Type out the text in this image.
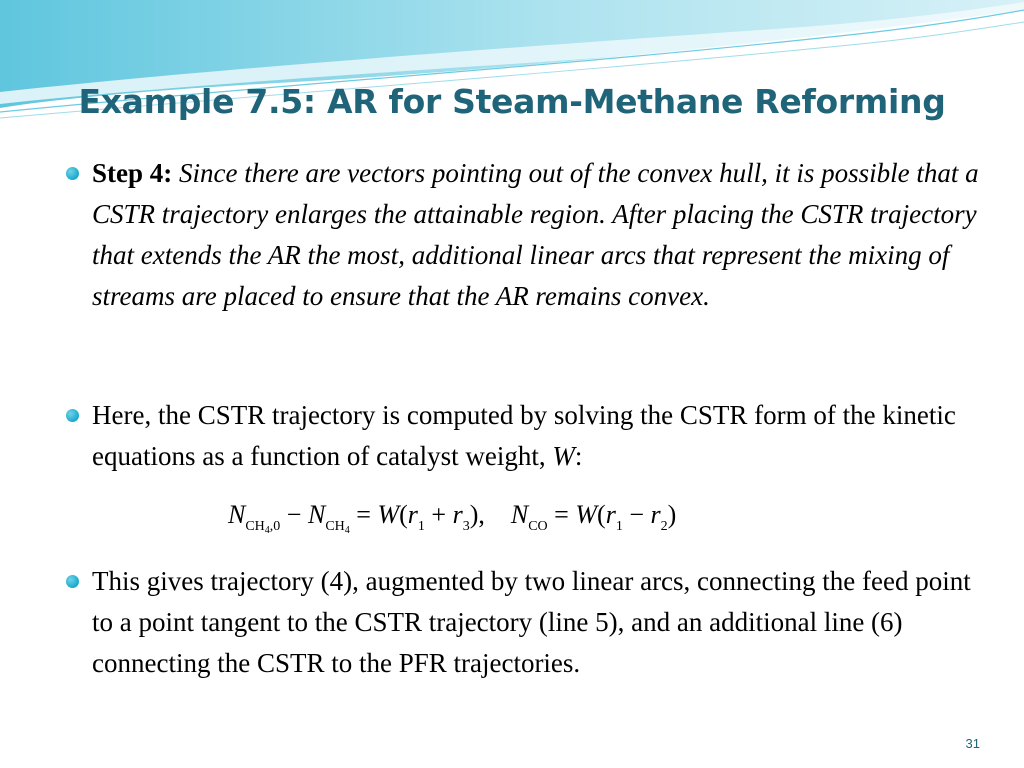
Example 7.5: AR for Steam-Methane Reforming
Step 4: Since there are vectors pointing out of the convex hull, it is possible that a CSTR trajectory enlarges the attainable region. After placing the CSTR trajectory that extends the AR the most, additional linear arcs that represent the mixing of streams are placed to ensure that the AR remains convex.
Here, the CSTR trajectory is computed by solving the CSTR form of the kinetic equations as a function of catalyst weight, W:
$N_{CH_4,0} - N_{CH_4} = W(r_1 + r_3)$, $N_{CO} = W(r_1 - r_2)$
This gives trajectory (4), augmented by two linear arcs, connecting the feed point to a point tangent to the CSTR trajectory (line 5), and an additional line (6) connecting the CSTR to the PFR trajectories.
31
